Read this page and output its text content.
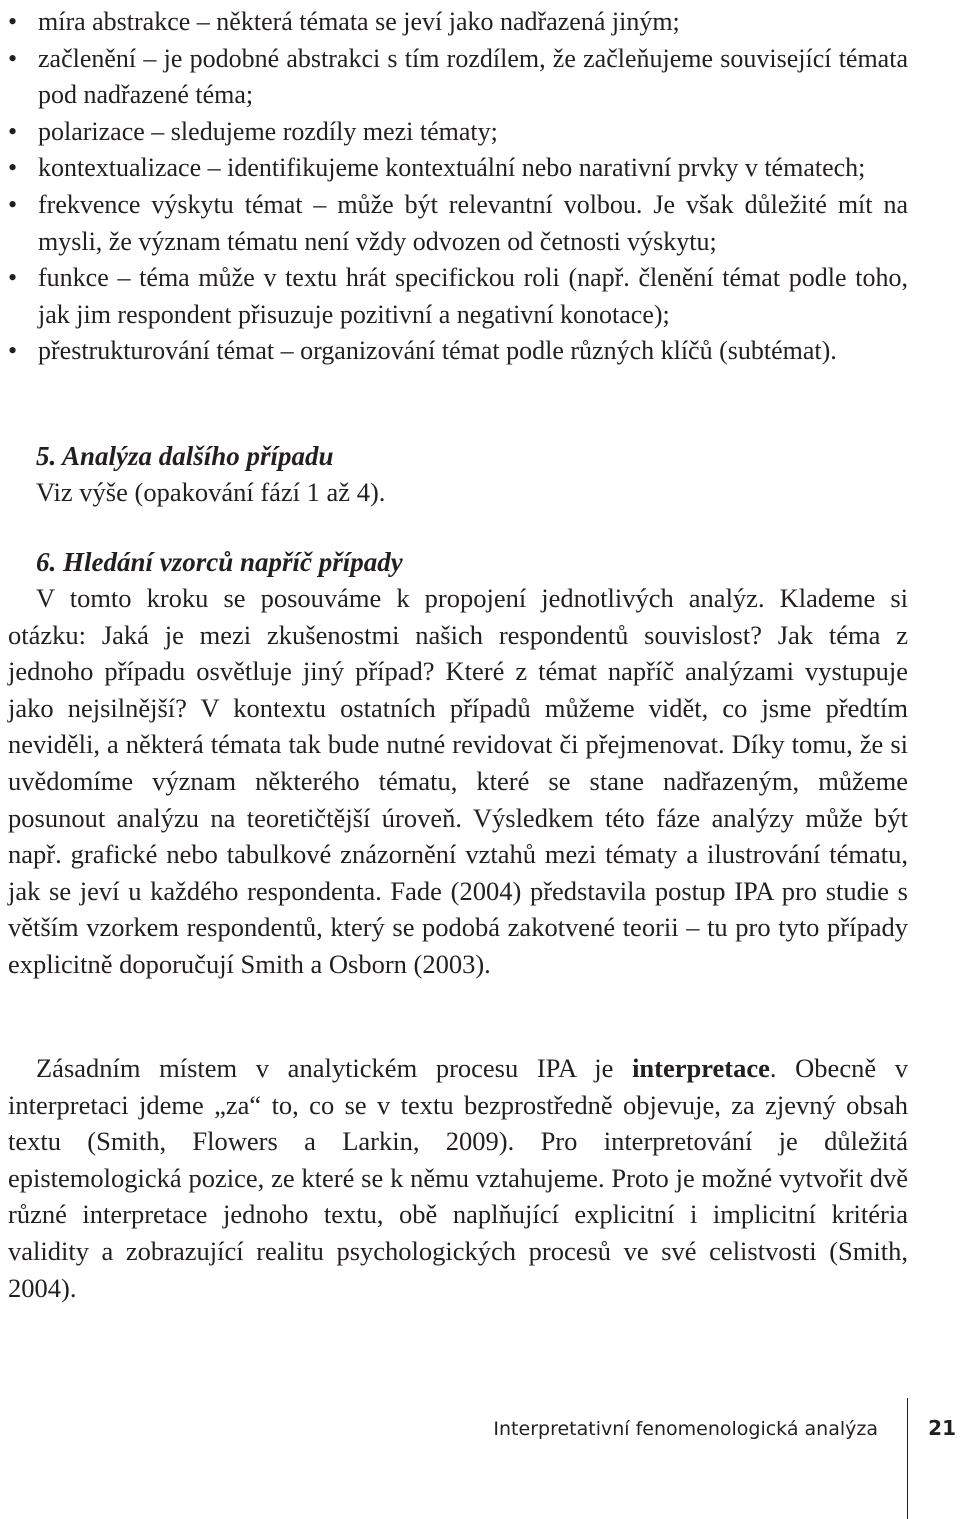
• míra abstrakce – některá témata se jeví jako nadřazená jiným;
• začlenění – je podobné abstrakci s tím rozdílem, že začleňujeme související témata pod nadřazené téma;
• polarizace – sledujeme rozdíly mezi tématy;
• kontextualizace – identifikujeme kontextuální nebo narativní prvky v tématech;
• frekvence výskytu témat – může být relevantní volbou. Je však důležité mít na mysli, že význam tématu není vždy odvozen od četnosti výskytu;
• funkce – téma může v textu hrát specifickou roli (např. členění témat podle toho, jak jim respondent přisuzuje pozitivní a negativní konotace);
• přestrukturování témat – organizování témat podle různých klíčů (subtémat).
5. Analýza dalšího případu

Viz výše (opakování fází 1 až 4).

6. Hledání vzorců napříč případy

V tomto kroku se posouváme k propojení jednotlivých analýz. Klademe si otázku: Jaká je mezi zkušenostmi našich respondentů souvislost? Jak téma z jednoho případu osvětluje jiný případ? Které z témat napříč analýzami vystupuje jako nejsilnější? V kontextu ostatních případů můžeme vidět, co jsme předtím neviděli, a některá témata tak bude nutné revidovat či přejmenovat. Díky tomu, že si uvědomíme význam některého tématu, které se stane nadřazeným, můžeme posunout analýzu na teoretičtější úroveň. Výsledkem této fáze analýzy může být např. grafické nebo tabulkové znázornění vztahů mezi tématy a ilustrování tématu, jak se jeví u každého respondenta. Fade (2004) představila postup IPA pro studie s větším vzorkem respondentů, který se podobá zakotvené teorii – tu pro tyto případy explicitně doporučují Smith a Osborn (2003).

Zásadním místem v analytickém procesu IPA je interpretace. Obecně v interpretaci jdeme „za“ to, co se v textu bezprostředně objevuje, za zjevný obsah textu (Smith, Flowers a Larkin, 2009). Pro interpretování je důležitá epistemologická pozice, ze které se k němu vztahujeme. Proto je možné vytvořit dvě různé interpretace jednoho textu, obě naplňující explicitní i implicitní kritéria validity a zobrazující realitu psychologických procesů ve své celistvosti (Smith, 2004).

Interpretativní fenomenologická analýza	21
